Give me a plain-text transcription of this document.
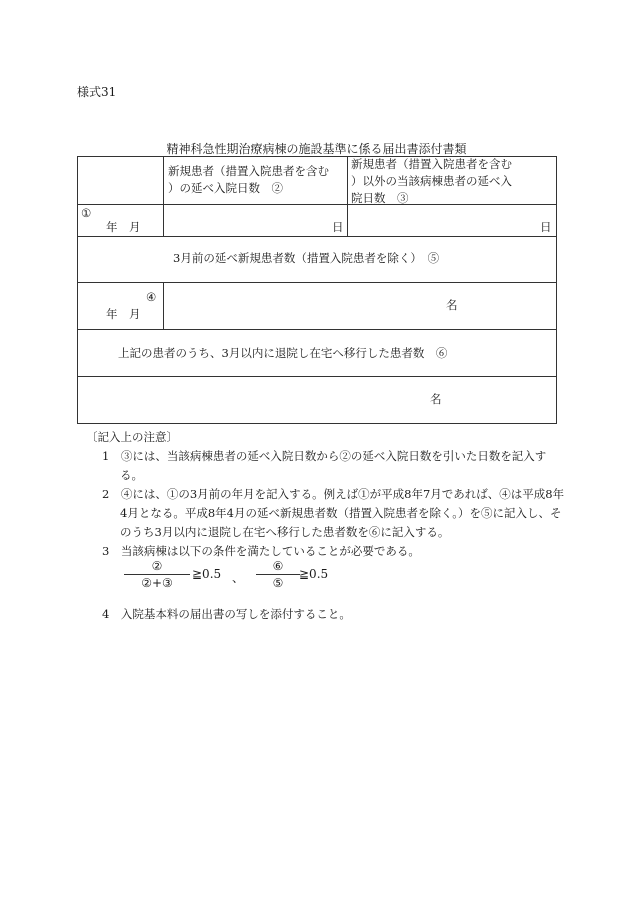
様式31
精神科急性期治療病棟の施設基準に係る届出書添付書類
新規患者（措置入院患者を含む
）の延べ入院日数　②
新規患者（措置入院患者を含む
）以外の当該病棟患者の延べ入
院日数　③
①
年　月	日	日
3月前の延べ新規患者数（措置入院患者を除く）　⑤
④
年　月
名
上記の患者のうち、3月以内に退院し在宅へ移行した患者数　⑥
名
〔記入上の注意〕
1　③には、当該病棟患者の延べ入院日数から②の延べ入院日数を引いた日数を記入する。
2　④には、①の3月前の年月を記入する。例えば①が平成8年7月であれば、④は平成8年4月となる。平成8年4月の延べ新規患者数（措置入院患者を除く。）を⑤に記入し、そのうち3月以内に退院し在宅へ移行した患者数を⑥に記入する。
3　当該病棟は以下の条件を満たしていることが必要である。
4　入院基本料の届出書の写しを添付すること。
②
②+③
≧0.5 、
⑥
⑤
≧0.5
